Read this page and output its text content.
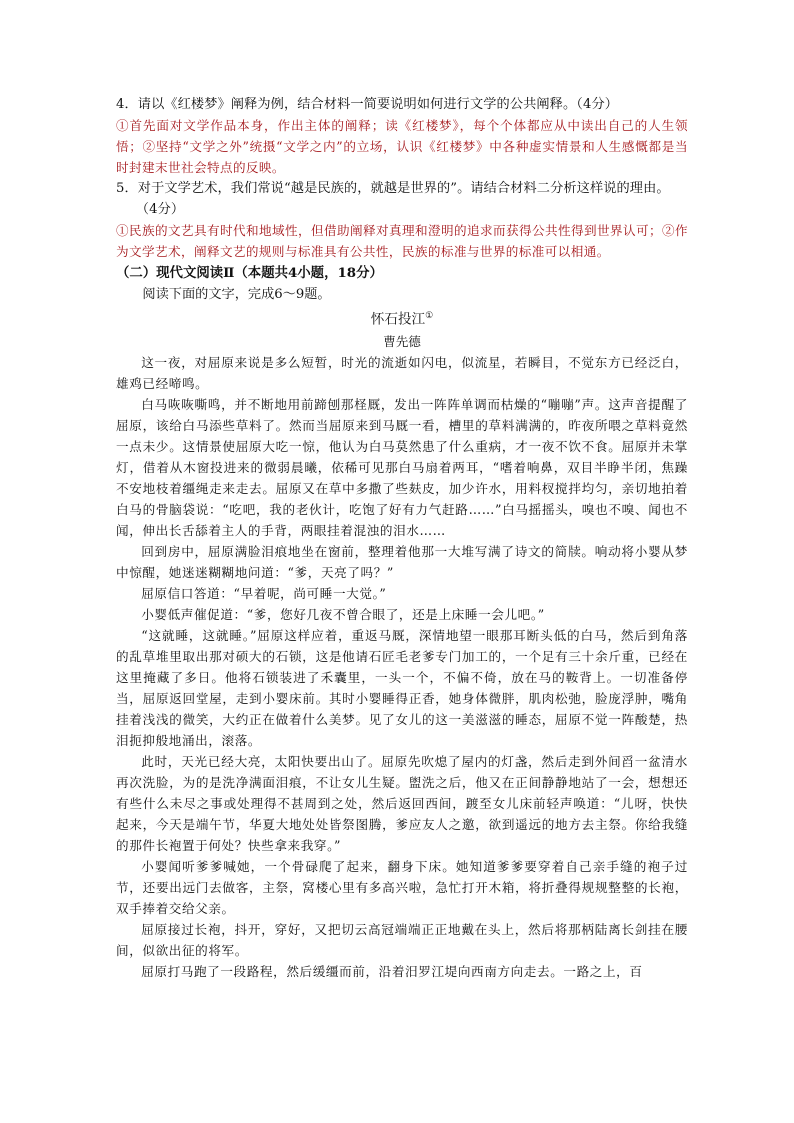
4．请以《红楼梦》阐释为例，结合材料一简要说明如何进行文学的公共阐释。（4分）

①首先面对文学作品本身，作出主体的阐释；读《红楼梦》，每个个体都应从中读出自己的人生领悟；②坚持“文学之外”统摄“文学之内”的立场，认识《红楼梦》中各种虚实情景和人生感慨都是当时封建末世社会特点的反映。

5．对于文学艺术，我们常说“越是民族的，就越是世界的”。请结合材料二分析这样说的理由。

（4分）

①民族的文艺具有时代和地域性，但借助阐释对真理和澄明的追求而获得公共性得到世界认可；②作为文学艺术，阐释文艺的规则与标准具有公共性，民族的标准与世界的标准可以相通。

（二）现代文阅读Ⅱ（本题共4小题，18分）

阅读下面的文字，完成6～9题。

怀石投江①

曹先德

这一夜，对屈原来说是多么短暂，时光的流逝如闪电，似流星，若瞬目，不觉东方已经泛白，雄鸡已经啼鸣。

白马咴咴嘶鸣，并不断地用前蹄刨那柽厩，发出一阵阵单调而枯燥的“嘣嘣”声。这声音提醒了屈原，该给白马添些草料了。然而当屈原来到马厩一看，槽里的草料满满的，昨夜所喂之草料竟然一点未少。这情景使屈原大吃一惊，他认为白马莫然患了什么重病，才一夜不饮不食。屈原并未掌灯，借着从木窗投进来的微弱晨曦，依稀可见那白马扇着两耳，“嗜着响鼻，双目半睁半闭，焦躁不安地枝着缰绳走来走去。屈原又在草中多撒了些麸皮，加少许水，用料杈搅拌均匀，亲切地拍着白马的骨脑袋说：“吃吧，我的老伙计，吃饱了好有力气赶路……”白马摇摇头，嗅也不嗅、闻也不闻，伸出长舌舔着主人的手背，两眼挂着混浊的泪水……

回到房中，屈原满脸泪痕地坐在窗前，整理着他那一大堆写满了诗文的简牍。响动将小婴从梦中惊醒，她迷迷糊糊地问道：“爹，天亮了吗？”

屈原信口答道：“早着呢，尚可睡一大觉。”

小婴低声催促道：“爹，您好几夜不曾合眼了，还是上床睡一会儿吧。”

“这就睡，这就睡。”屈原这样应着，重返马厩，深情地望一眼那耳断头低的白马，然后到角落的乱草堆里取出那对硕大的石锁，这是他请石匠毛老爹专门加工的，一个足有三十余斤重，已经在这里掩藏了多日。他将石锁装进了禾囊里，一头一个，不偏不倚，放在马的鞍背上。一切准备停当，屈原返回堂屋，走到小婴床前。其时小婴睡得正香，她身体微胖，肌肉松弛，脸庞浮肿，嘴角挂着浅浅的微笑，大约正在做着什么美梦。见了女儿的这一美滋滋的睡态，屈原不觉一阵酸楚，热泪扼抑般地涌出，滚落。

此时，天光已经大亮，太阳快要出山了。屈原先吹熄了屋内的灯盏，然后走到外间舀一盆清水再次洗脸，为的是洗净满面泪痕，不让女儿生疑。盥洗之后，他又在正间静静地站了一会，想想还有些什么未尽之事或处理得不甚周到之处，然后返回西间，踱至女儿床前轻声唤道：“儿呀，快快起来，今天是端午节，华夏大地处处皆祭图腾，爹应友人之邀，欲到遥远的地方去主祭。你给我缝的那件长袍置于何处？快些拿来我穿。”

小婴闻听爹爹喊她，一个骨碌爬了起来，翻身下床。她知道爹爹要穿着自己亲手缝的袍子过节，还要出远门去做客，主祭，窝楼心里有多高兴啦，急忙打开木箱，将折叠得规规整整的长袍，双手捧着交给父亲。

屈原接过长袍，抖开，穿好，又把切云高冠端端正正地戴在头上，然后将那柄陆离长剑挂在腰间，似欲出征的将军。

屈原打马跑了一段路程，然后缓缰而前，沿着汨罗江堤向西南方向走去。一路之上，百
